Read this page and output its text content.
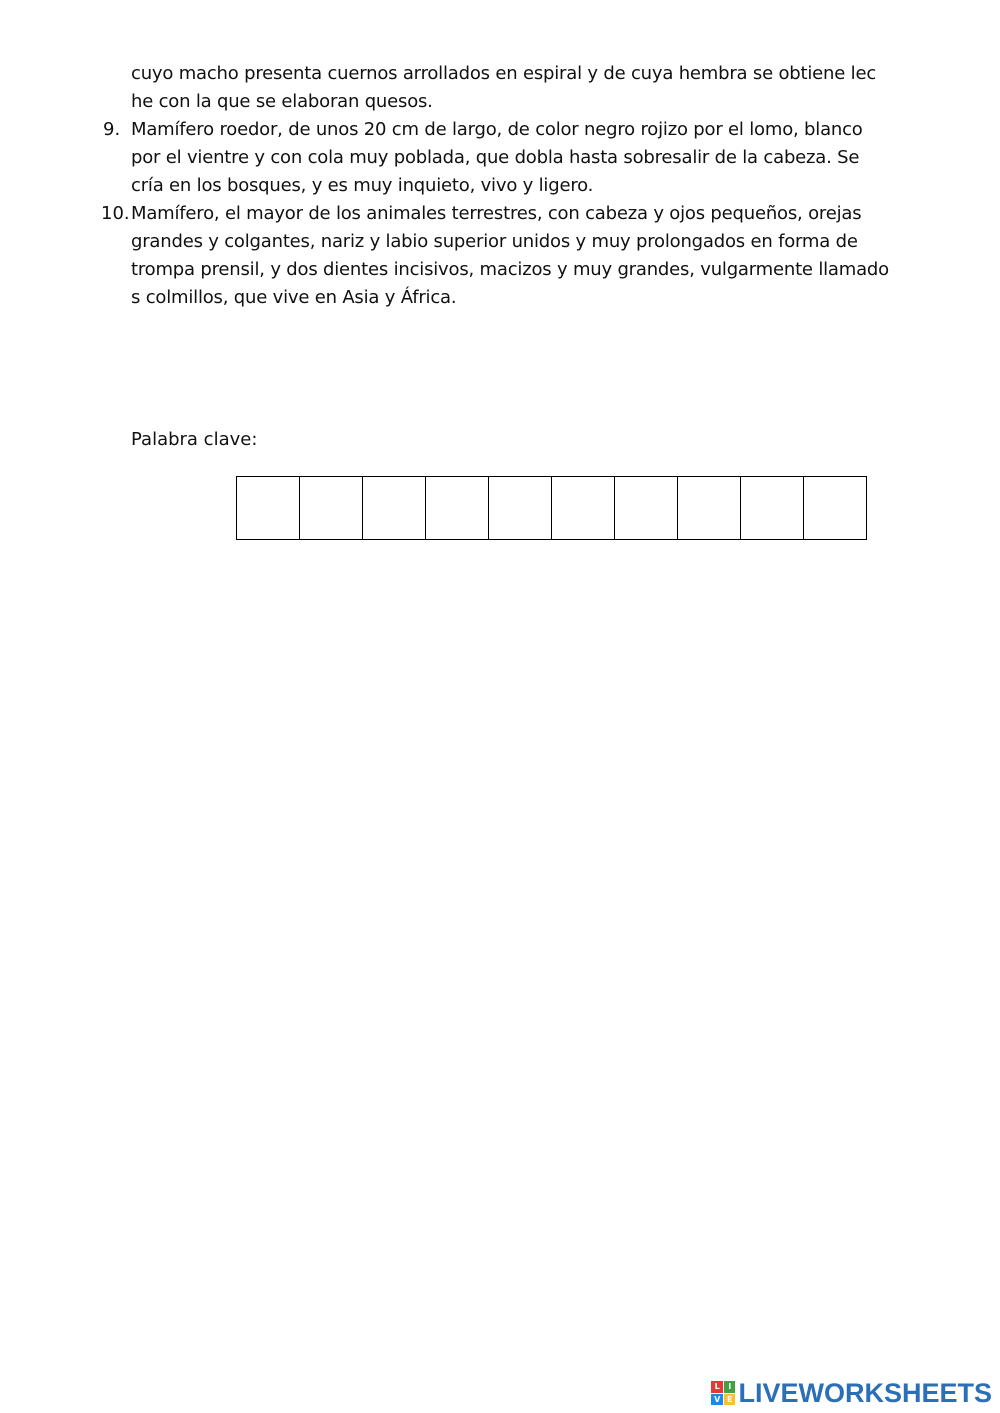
cuyo macho presenta cuernos arrollados en espiral y de cuya hembra se obtiene lec
he con la que se elaboran quesos.
9. Mamífero roedor, de unos 20 cm de largo, de color negro rojizo por el lomo, blanco
por el vientre y con cola muy poblada, que dobla hasta sobresalir de la cabeza. Se
cría en los bosques, y es muy inquieto, vivo y ligero.
10. Mamífero, el mayor de los animales terrestres, con cabeza y ojos pequeños, orejas
grandes y colgantes, nariz y labio superior unidos y muy prolongados en forma de
trompa prensil, y dos dientes incisivos, macizos y muy grandes, vulgarmente llamado
s colmillos, que vive en Asia y África.
Palabra clave:
L	I
V E LIVEWORKSHEETS
